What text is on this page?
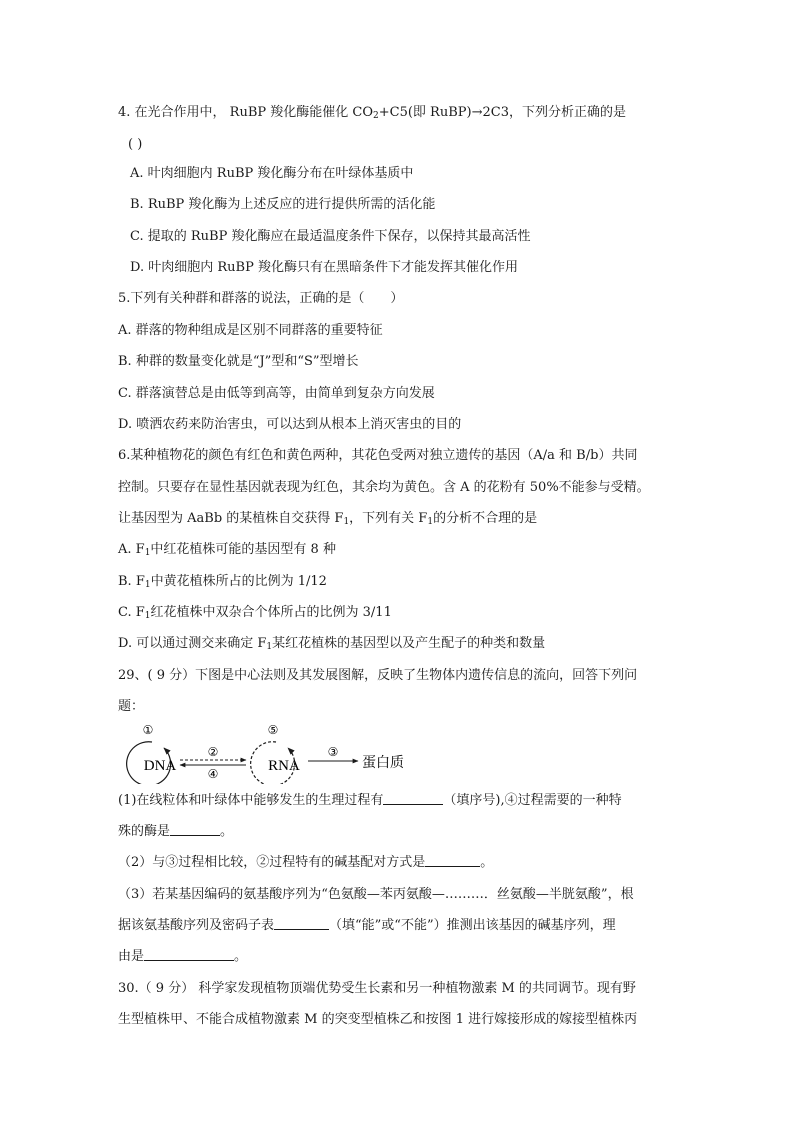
4. 在光合作用中， RuBP 羧化酶能催化 $CO_2+C5$(即 RuBP)→2C3，下列分析正确的是
( )
A. 叶肉细胞内 RuBP 羧化酶分布在叶绿体基质中
B. RuBP 羧化酶为上述反应的进行提供所需的活化能
C. 提取的 RuBP 羧化酶应在最适温度条件下保存，以保持其最高活性
D. 叶肉细胞内 RuBP 羧化酶只有在黑暗条件下才能发挥其催化作用
5.下列有关种群和群落的说法，正确的是（　　）
A. 群落的物种组成是区别不同群落的重要特征
B. 种群的数量变化就是“J”型和“S”型增长
C. 群落演替总是由低等到高等，由简单到复杂方向发展
D. 喷洒农药来防治害虫，可以达到从根本上消灭害虫的目的
6.某种植物花的颜色有红色和黄色两种，其花色受两对独立遗传的基因（A/a 和 B/b）共同
控制。只要存在显性基因就表现为红色，其余均为黄色。含 A 的花粉有 50%不能参与受精。
让基因型为 AaBb 的某植株自交获得 $F_1$，下列有关 $F_1$的分析不合理的是
A. $F_1$中红花植株可能的基因型有 8 种
B. $F_1$中黄花植株所占的比例为 1/12
C. $F_1$红花植株中双杂合个体所占的比例为 3/11
D. 可以通过测交来确定 $F_1$某红花植株的基因型以及产生配子的种类和数量
29、( 9 分）下图是中心法则及其发展图解，反映了生物体内遗传信息的流向，回答下列问
题：
①
DNA
②
④
⑤
RNA
③
蛋白质
(1)在线粒体和叶绿体中能够发生的生理过程有	（填序号),④过程需要的一种特
殊的酶是	。
（2）与③过程相比较，②过程特有的碱基配对方式是	。
（3）若某基因编码的氨基酸序列为“色氨酸—苯丙氨酸—………．丝氨酸—半胱氨酸”，根
据该氨基酸序列及密码子表	（填“能”或“不能”）推测出该基因的碱基序列，理
由是	。
30.（ 9 分） 科学家发现植物顶端优势受生长素和另一种植物激素 M 的共同调节。现有野
生型植株甲、不能合成植物激素 M 的突变型植株乙和按图 1 进行嫁接形成的嫁接型植株丙
